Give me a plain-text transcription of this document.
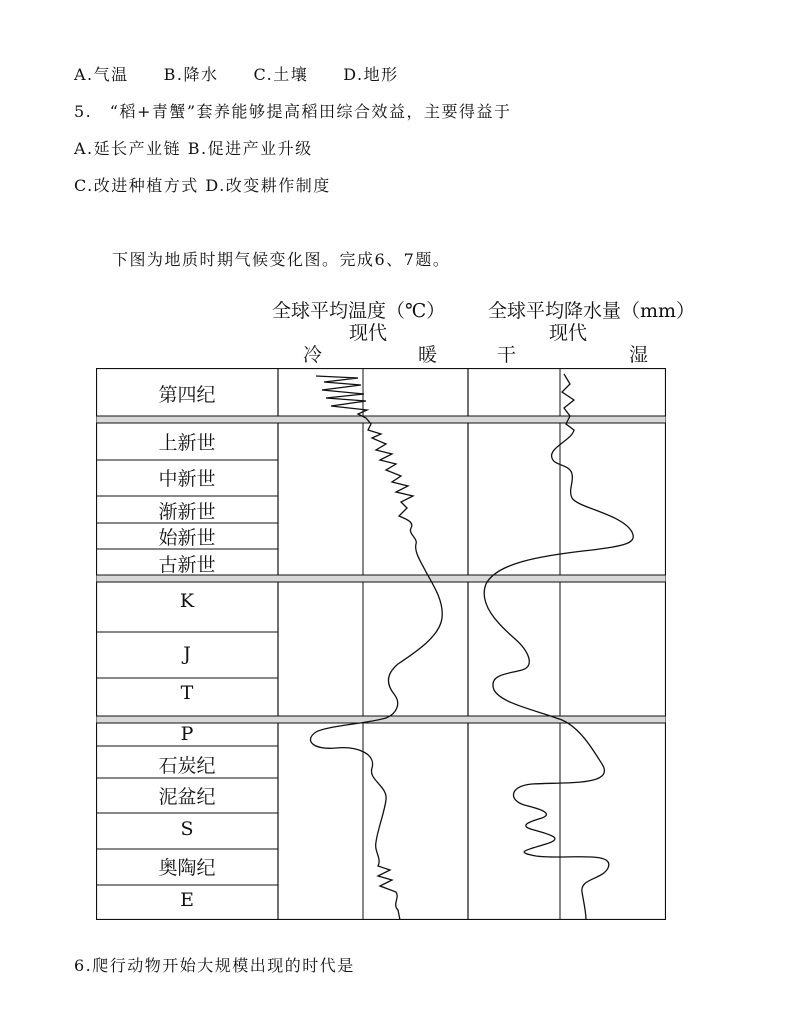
A.气温　　B.降水　　C.土壤　　D.地形
5.　“稻+青蟹”套养能够提高稻田综合效益，主要得益于
A.延长产业链 B.促进产业升级
C.改进种植方式 D.改变耕作制度
下图为地质时期气候变化图。完成6、7题。
全球平均温度（℃） 全球平均降水量（mm）
现代	现代
冷	暖	干	湿
第四纪
上新世
中新世
渐新世
始新世
古新世
K
J
T
P
石炭纪
泥盆纪
S
奥陶纪
E
6.爬行动物开始大规模出现的时代是
